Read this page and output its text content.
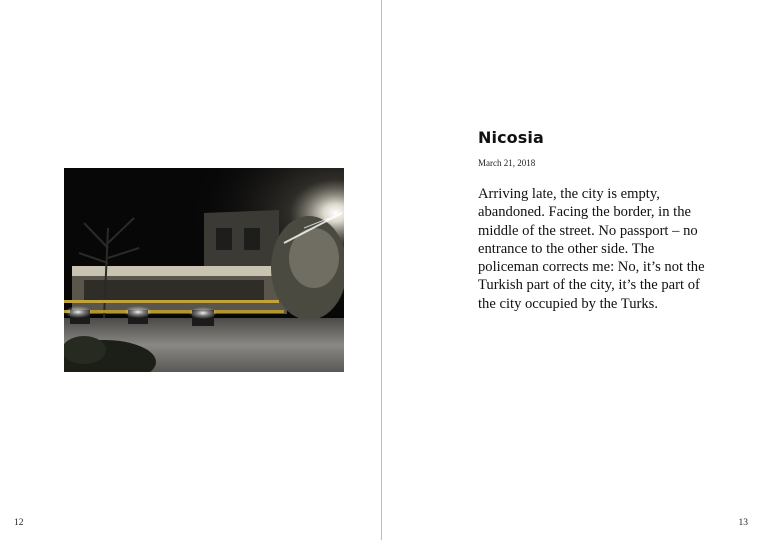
12
Nicosia
March 21, 2018

Arriving late, the city is empty, abandoned. Facing the border, in the middle of the street. No passport – no entrance to the other side. The policeman corrects me: No, it’s not the Turkish part of the city, it’s the part of the city occupied by the Turks.

13
